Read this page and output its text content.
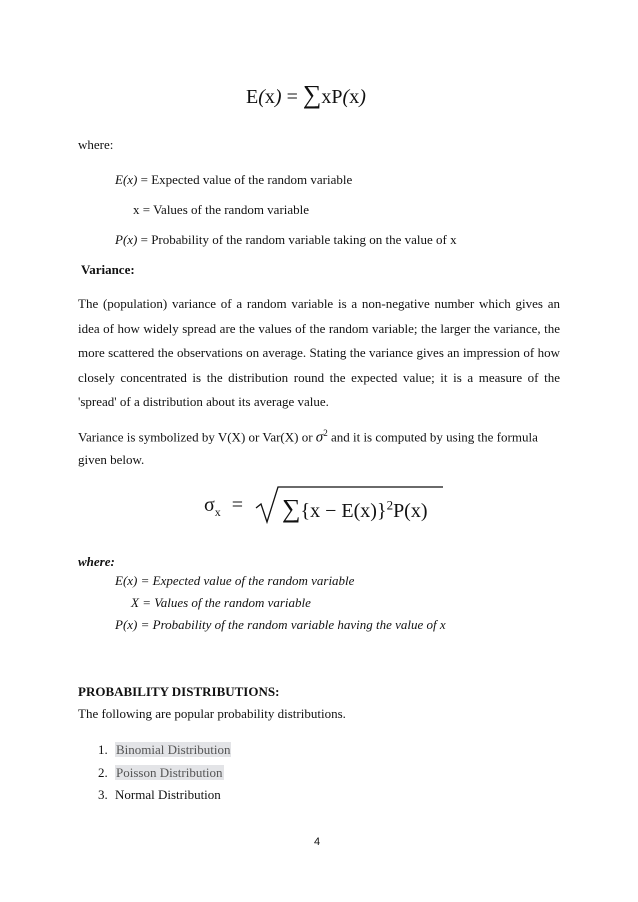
E(x) = ∑xP(x)
where:
E(x) = Expected value of the random variable
x = Values of the random variable
P(x) = Probability of the random variable taking on the value of x
Variance:
The (population) variance of a random variable is a non-negative number which gives an idea of how widely spread are the values of the random variable; the larger the variance, the more scattered the observations on average. Stating the variance gives an impression of how closely concentrated is the distribution round the expected value; it is a measure of the 'spread' of a distribution about its average value.
Variance is symbolized by V(X) or Var(X) or $\sigma^2$ and it is computed by using the formula
given below.
$\sigma_x = \sum\{x - E(x)\}^2P(x)$
where:
E(x) = Expected value of the random variable
X = Values of the random variable
P(x) = Probability of the random variable having the value of x
PROBABILITY DISTRIBUTIONS:
The following are popular probability distributions.
1. Binomial Distribution
2. Poisson Distribution
3. Normal Distribution
4
